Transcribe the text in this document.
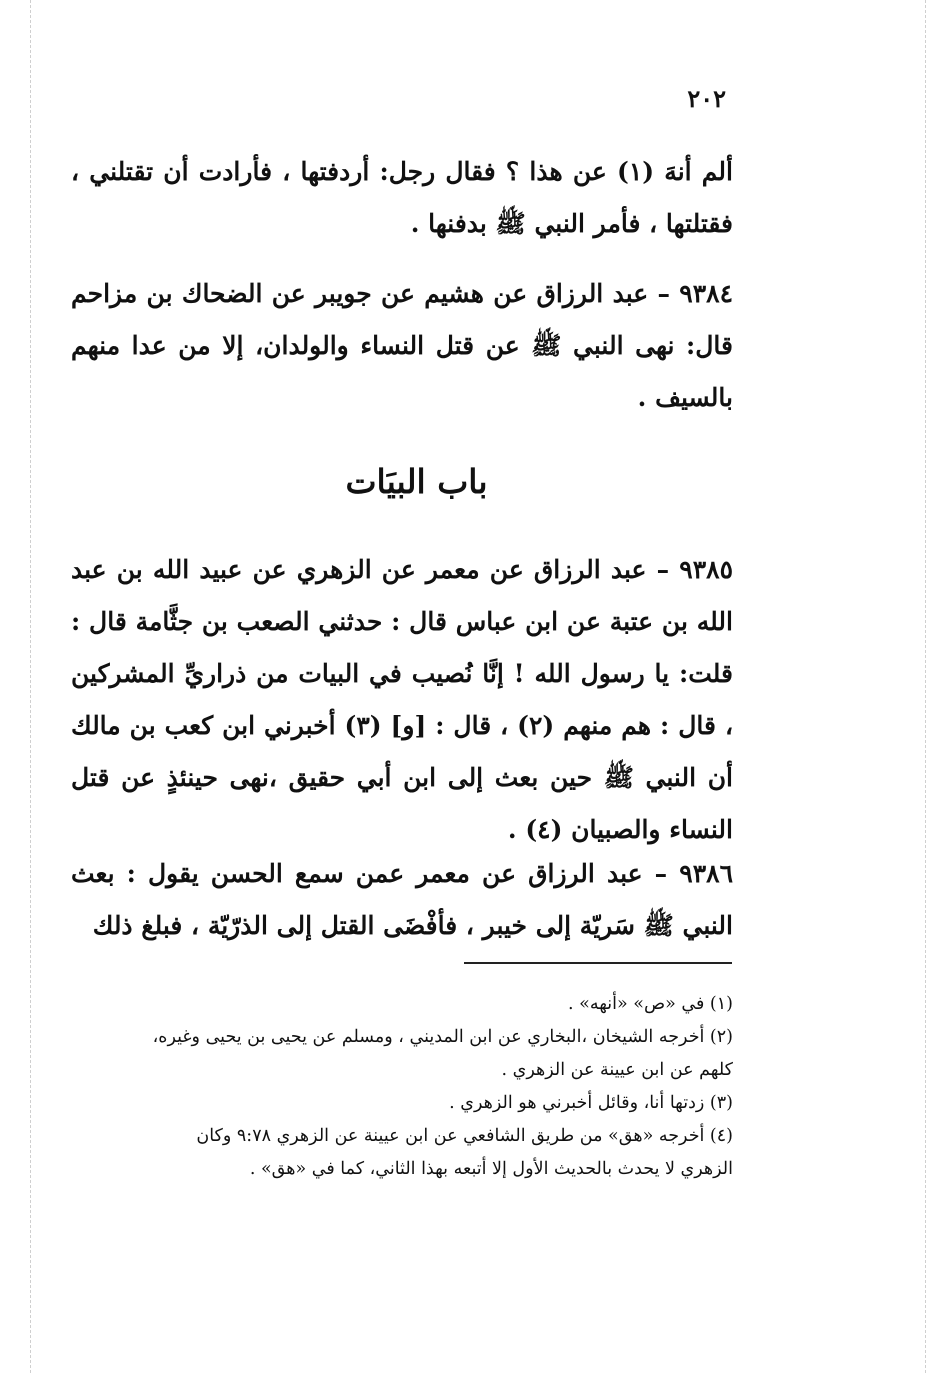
٢٠٢

ألم أنهَ (١) عن هذا ؟ فقال رجل: أردفتها ، فأرادت أن تقتلني ، فقتلتها ، فأمر النبي ﷺ بدفنها .

٩٣٨٤ – عبد الرزاق عن هشيم عن جويبر عن الضحاك بن مزاحم قال: نهى النبي ﷺ عن قتل النساء والولدان، إلا من عدا منهم بالسيف .

باب البيَات

٩٣٨٥ – عبد الرزاق عن معمر عن الزهري عن عبيد الله بن عبد الله بن عتبة عن ابن عباس قال : حدثني الصعب بن جثَّامة قال : قلت: يا رسول الله ! إنَّا نُصيب في البيات من ذراريِّ المشركين ، قال : هم منهم (٢) ، قال : [و] (٣) أخبرني ابن كعب بن مالك أن النبي ﷺ حين بعث إلى ابن أبي حقيق ،نهى حينئذٍ عن قتل النساء والصبيان (٤) .

٩٣٨٦ – عبد الرزاق عن معمر عمن سمع الحسن يقول : بعث النبي ﷺ سَريّة إلى خيبر ، فأفْضَى القتل إلى الذرّيّة ، فبلغ ذلك

(١) في «ص» «أنهه» .

(٢) أخرجه الشيخان ،البخاري عن ابن المديني ، ومسلم عن يحيى بن يحيى وغيره،

كلهم عن ابن عيينة عن الزهري .

(٣) زدتها أنا، وقائل أخبرني هو الزهري .

(٤) أخرجه «هق» من طريق الشافعي عن ابن عيينة عن الزهري ٩:٧٨ وكان

الزهري لا يحدث بالحديث الأول إلا أتبعه بهذا الثاني، كما في «هق» .
